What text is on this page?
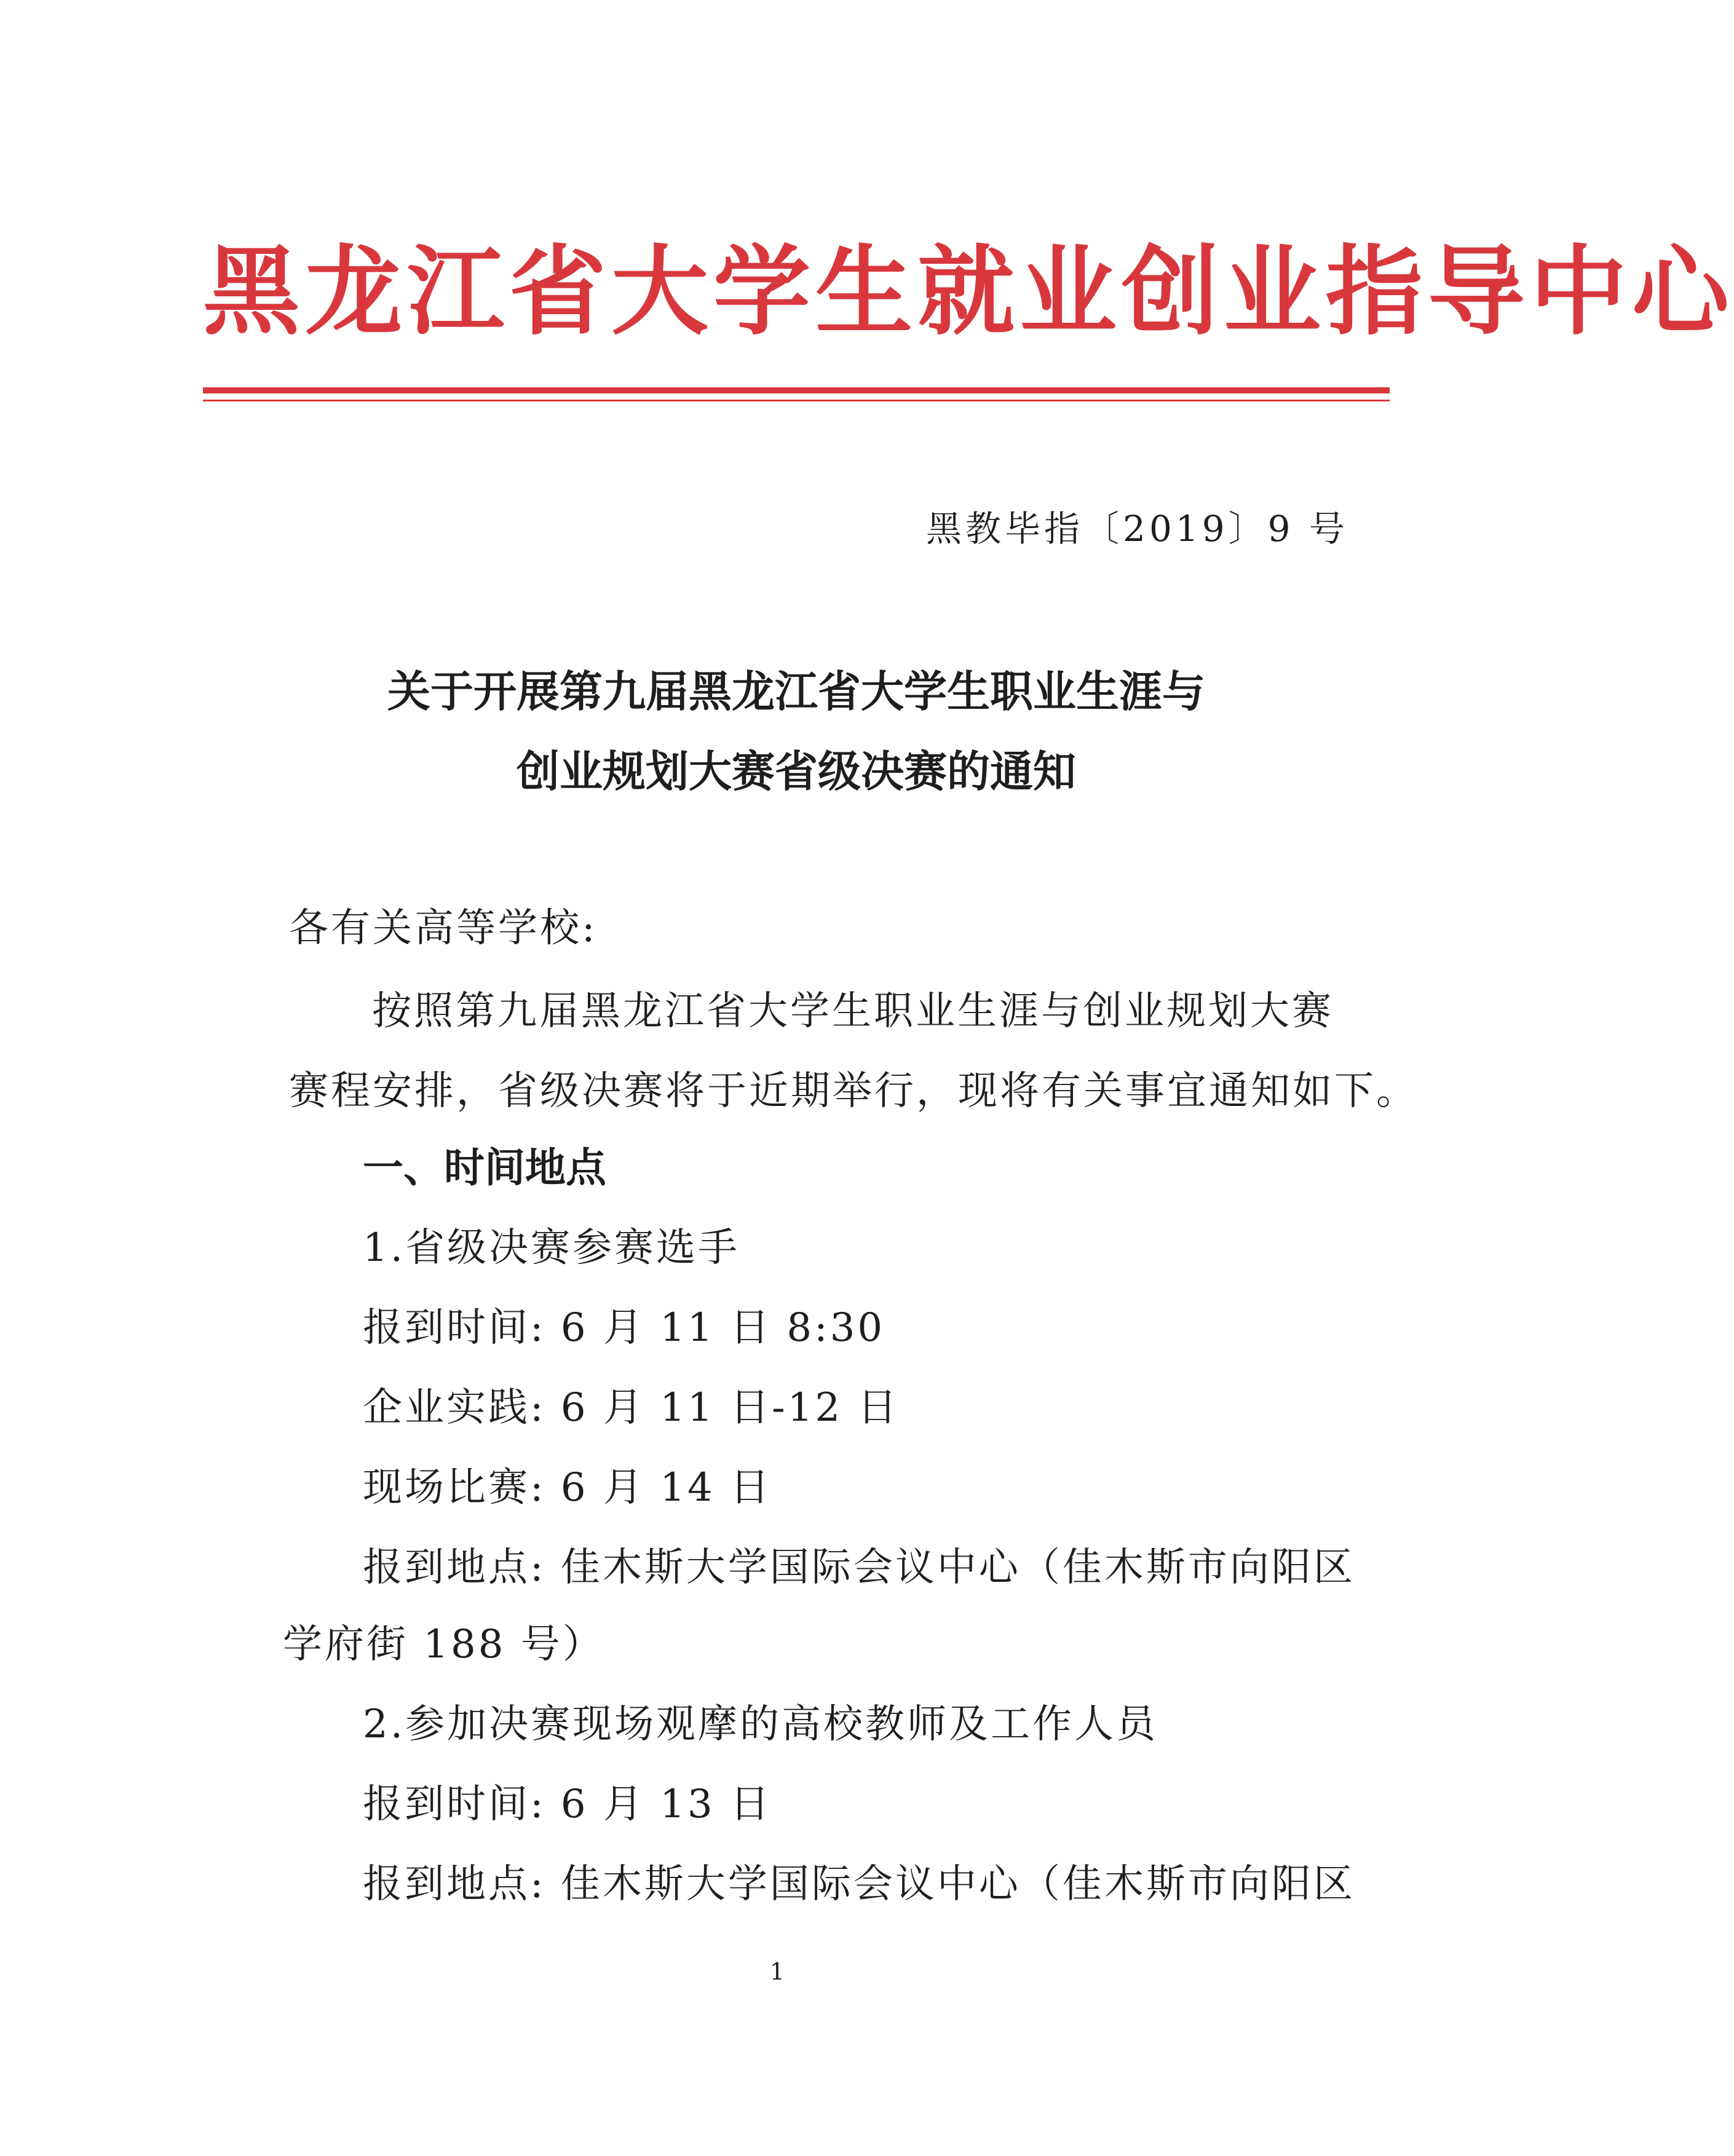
黑龙江省大学生就业创业指导中心
黑教毕指〔2019〕9 号
关于开展第九届黑龙江省大学生职业生涯与
创业规划大赛省级决赛的通知
各有关高等学校:
按照第九届黑龙江省大学生职业生涯与创业规划大赛
赛程安排，省级决赛将于近期举行，现将有关事宜通知如下。
一、时间地点
1.省级决赛参赛选手
报到时间: 6 月 11 日 8:30
企业实践: 6 月 11 日-12 日
现场比赛: 6 月 14 日
报到地点: 佳木斯大学国际会议中心（佳木斯市向阳区
学府街 188 号）
2.参加决赛现场观摩的高校教师及工作人员
报到时间: 6 月 13 日
报到地点: 佳木斯大学国际会议中心（佳木斯市向阳区
1
